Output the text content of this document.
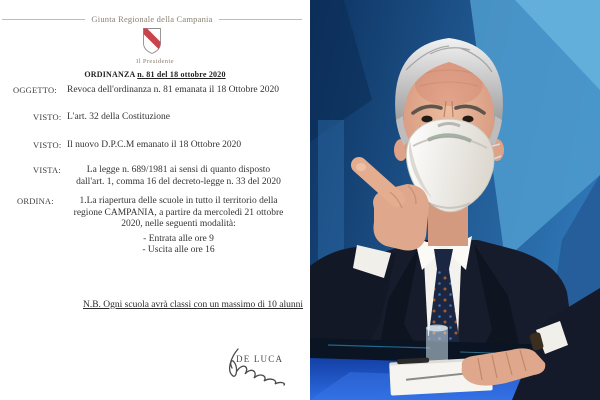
Giunta Regionale della Campania
Il Presidente
ORDINANZA n. 81 del 18 ottobre 2020
OGGETTO: Revoca dell'ordinanza n. 81 emanata il 18 Ottobre 2020
VISTO: L'art. 32 della Costituzione
VISTO: Il nuovo D.P.C.M emanato il 18 Ottobre 2020
VISTA:	La legge n. 689/1981 ai sensi di quanto disposto
dall'art. 1, comma 16 del decreto-legge n. 33 del 2020
ORDINA:	1.La riapertura delle scuole in tutto il territorio della
regione CAMPANIA, a partire da mercoledì 21 ottobre
2020, nelle seguenti modalità:
- Entrata alle ore 9
- Uscita alle ore 16
N.B. Ogni scuola avrà classi con un massimo di 10 alunni
DE LUCA
